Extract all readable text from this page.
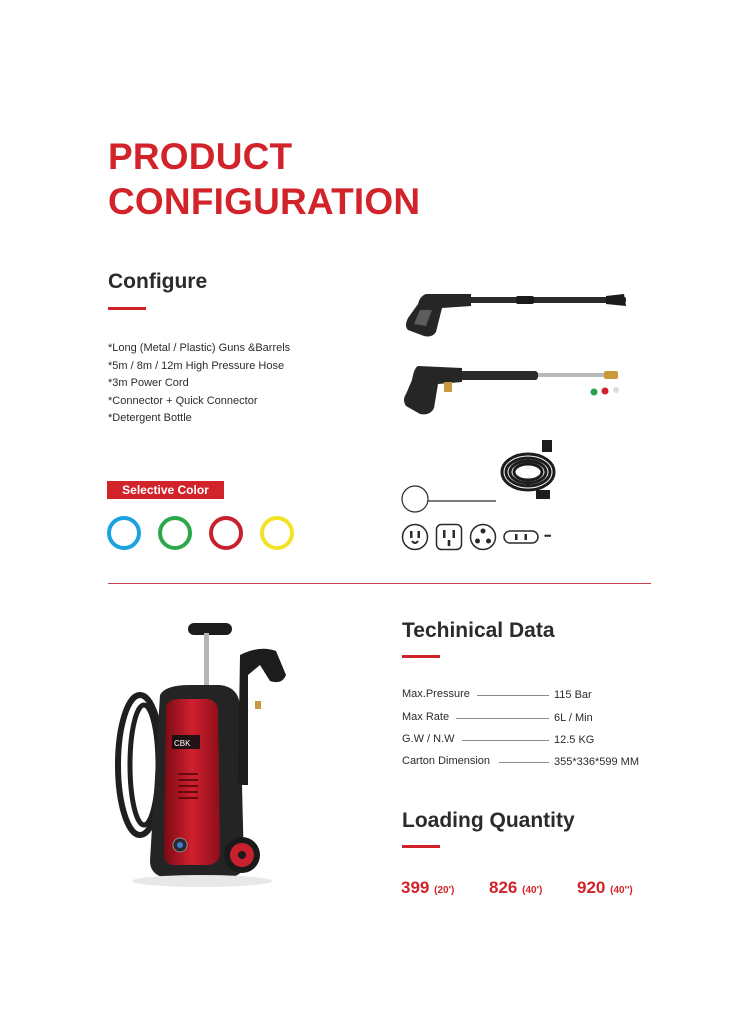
PRODUCT
CONFIGURATION
Configure
*Long (Metal / Plastic) Guns &Barrels
*5m / 8m / 12m High Pressure Hose
*3m Power Cord
*Connector + Quick Connector
*Detergent Bottle
Selective Color
•••
CBK
Techinical Data
Max.Pressure	115 Bar
Max Rate	6L / Min
G.W / N.W	12.5 KG
Carton Dimension	355*336*599 MM
Loading Quantity
399 (20') 826 (40') 920 (40'')
